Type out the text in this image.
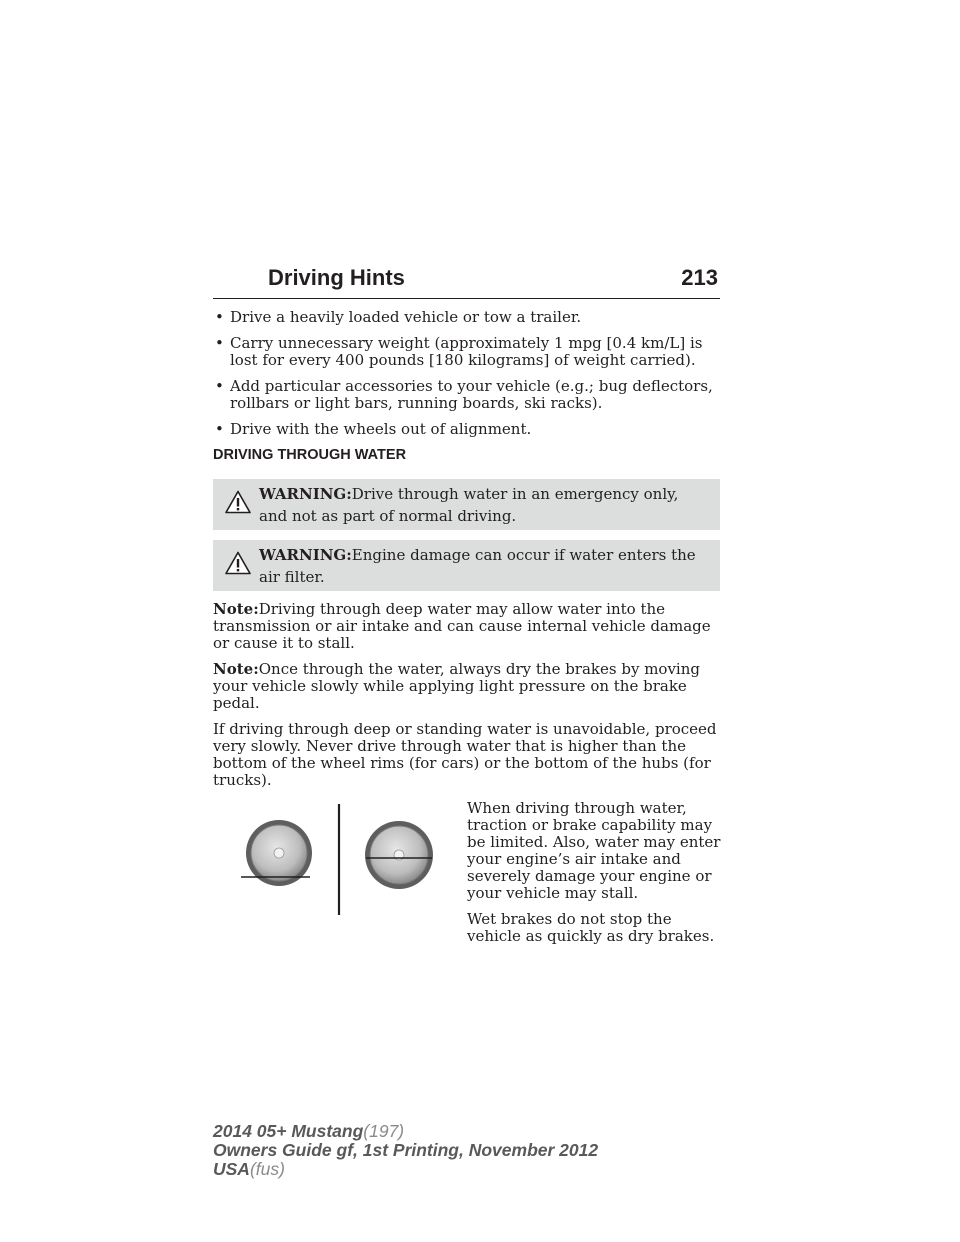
Driving Hints	213
• Drive a heavily loaded vehicle or tow a trailer.
• Carry unnecessary weight (approximately 1 mpg [0.4 km/L] is lost for every 400 pounds [180 kilograms] of weight carried).
• Add particular accessories to your vehicle (e.g.; bug deflectors, rollbars or light bars, running boards, ski racks).
• Drive with the wheels out of alignment.
DRIVING THROUGH WATER
WARNING:Drive through water in an emergency only, and not as part of normal driving.
WARNING:Engine damage can occur if water enters the air filter.

Note:Driving through deep water may allow water into the transmission or air intake and can cause internal vehicle damage or cause it to stall.

Note:Once through the water, always dry the brakes by moving your vehicle slowly while applying light pressure on the brake pedal.

If driving through deep or standing water is unavoidable, proceed very slowly. Never drive through water that is higher than the bottom of the wheel rims (for cars) or the bottom of the hubs (for trucks).

When driving through water, traction or brake capability may be limited. Also, water may enter your engine’s air intake and severely damage your engine or your vehicle may stall.

Wet brakes do not stop the vehicle as quickly as dry brakes.

2014 05+ Mustang(197)
Owners Guide gf, 1st Printing, November 2012
USA(fus)
